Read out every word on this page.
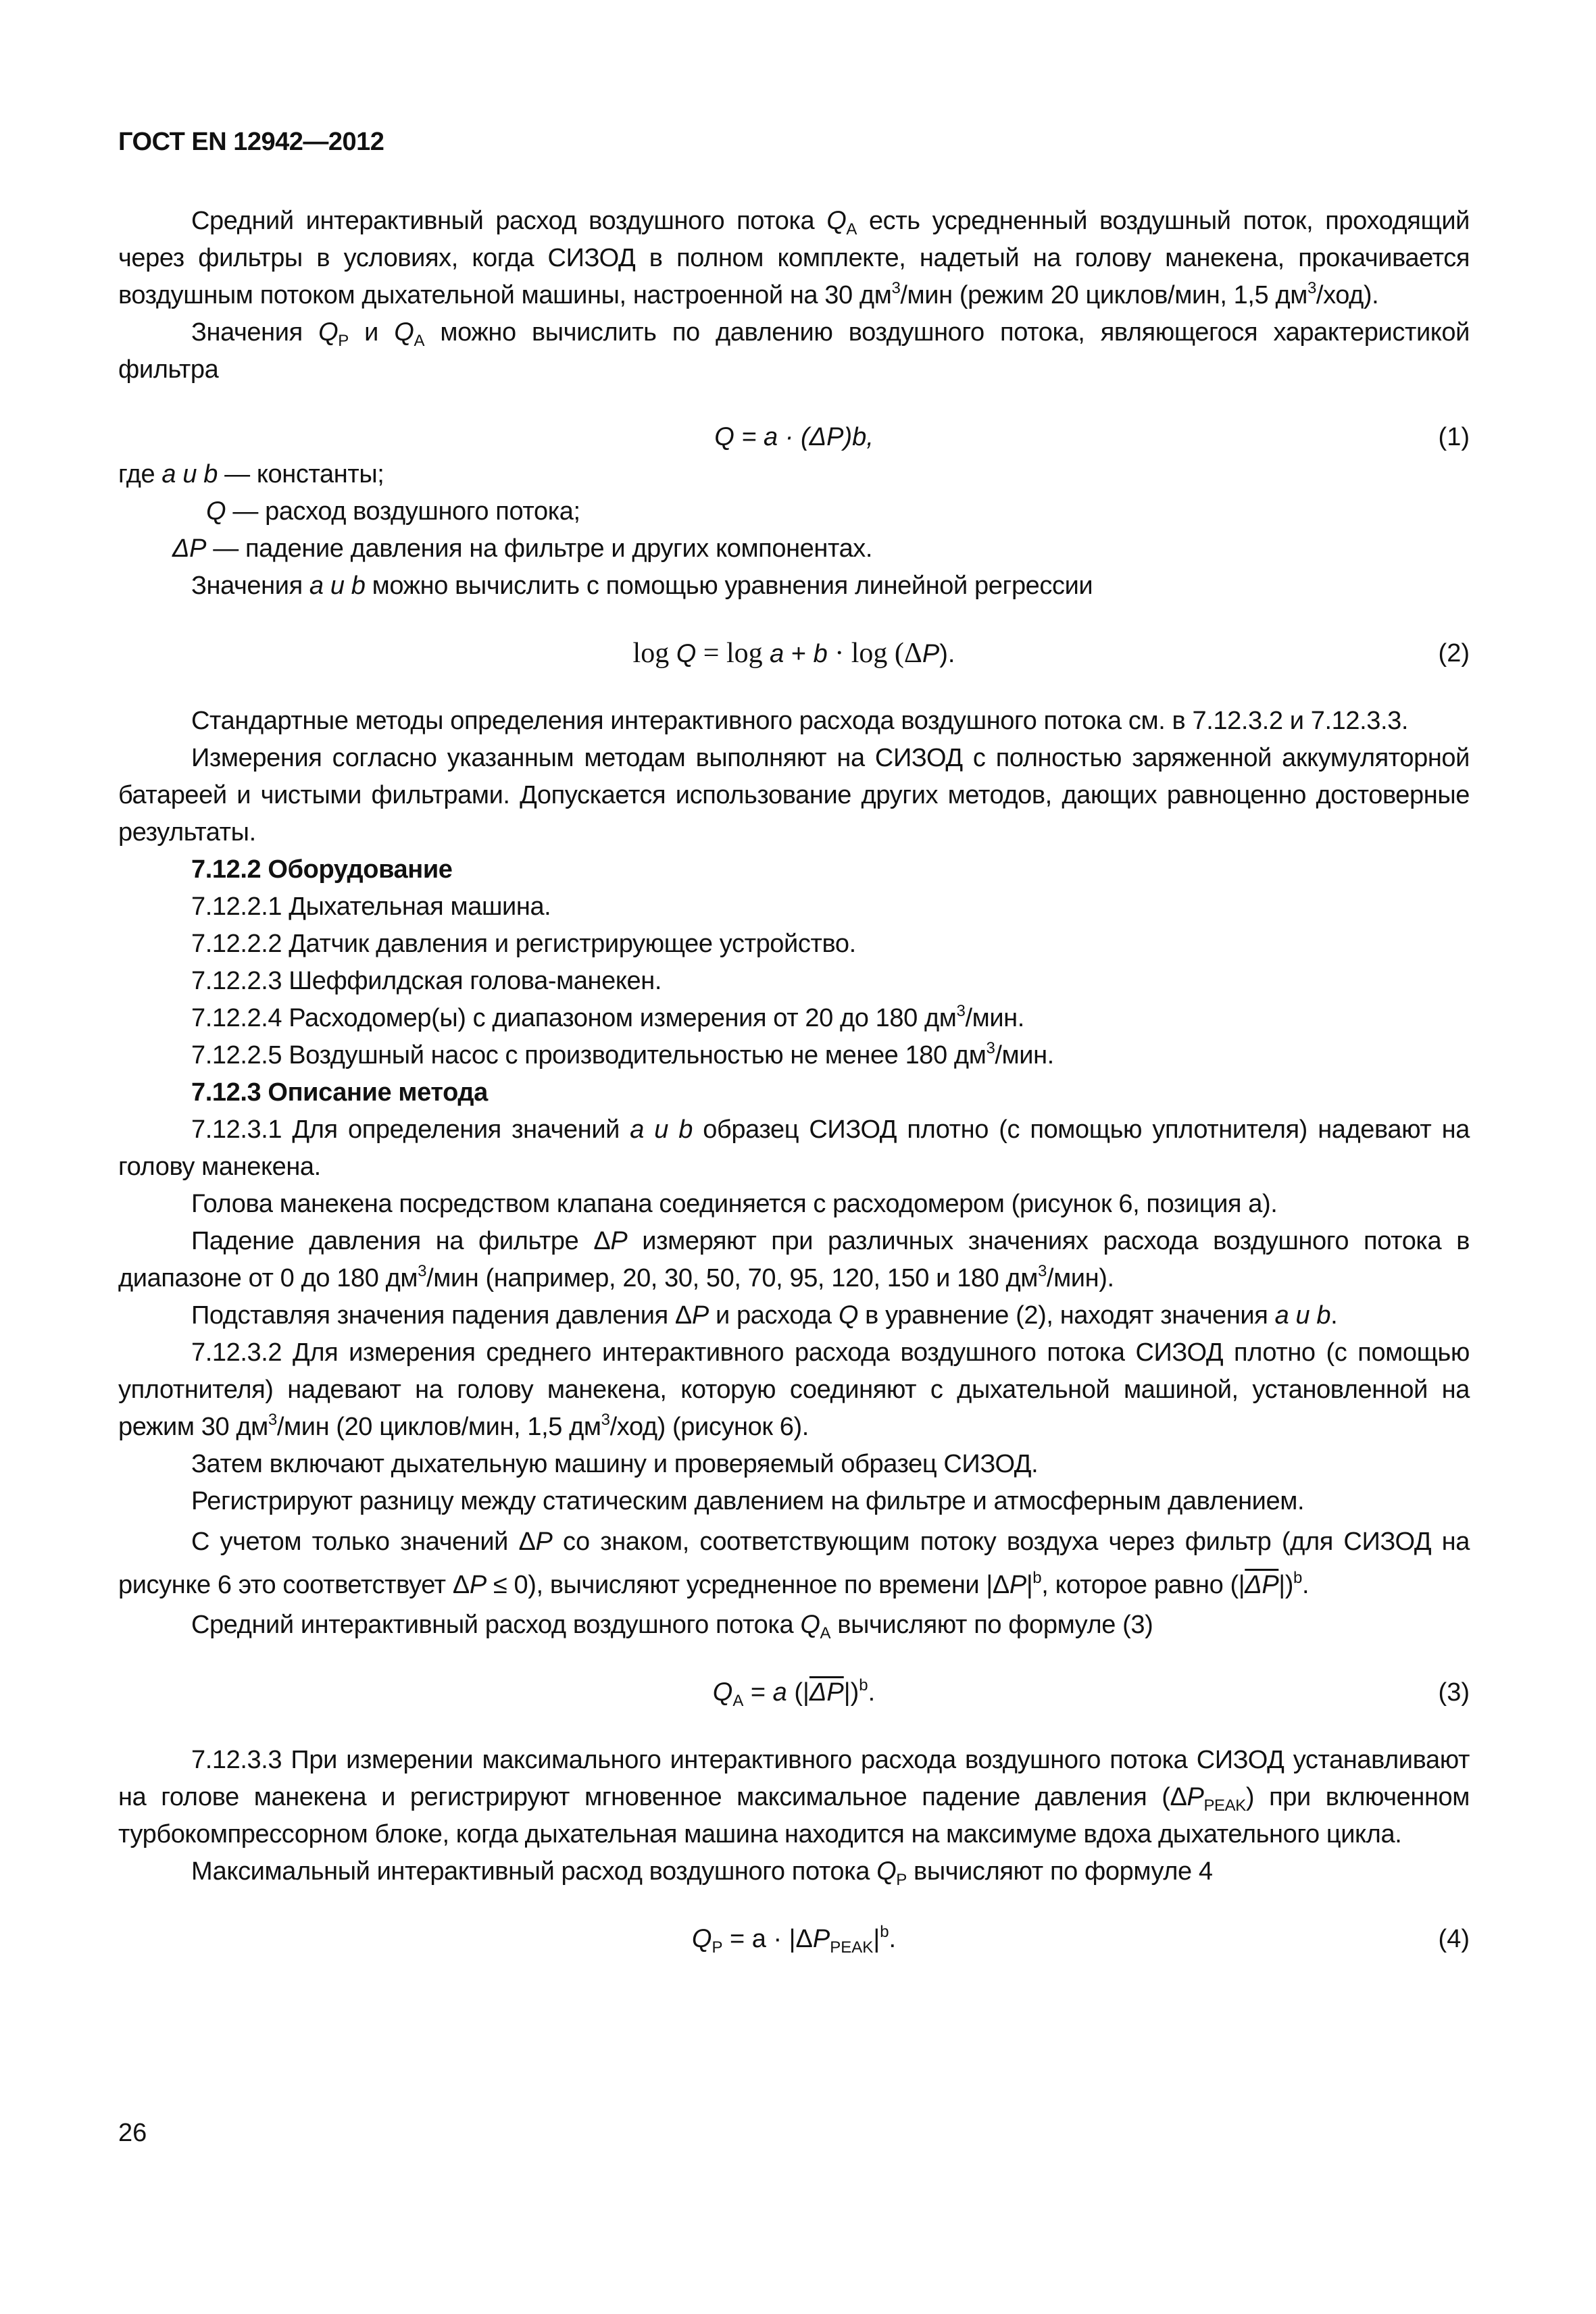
ГОСТ EN 12942—2012

Средний интерактивный расход воздушного потока $Q_A$ есть усредненный воздушный поток, проходящий через фильтры в условиях, когда СИЗОД в полном комплекте, надетый на голову манекена, прокачивается воздушным потоком дыхательной машины, настроенной на 30 $дм^3$/мин (режим 20 циклов/мин, 1,5 $дм^3/ход$).

Значения $Q_P$ и $Q_A$ можно вычислить по давлению воздушного потока, являющегося характеристикой фильтра

Q = a · (ΔP)b,	(1)

где a и b — константы;

Q — расход воздушного потока;

ΔP — падение давления на фильтре и других компонентах.

Значения a и b можно вычислить с помощью уравнения линейной регрессии

log Q = log a + b · log (ΔP).	(2)

Стандартные методы определения интерактивного расхода воздушного потока см. в 7.12.3.2 и 7.12.3.3.

Измерения согласно указанным методам выполняют на СИЗОД с полностью заряженной аккумуляторной батареей и чистыми фильтрами. Допускается использование других методов, дающих равноценно достоверные результаты.

7.12.2 Оборудование

7.12.2.1 Дыхательная машина.

7.12.2.2 Датчик давления и регистрирующее устройство.

7.12.2.3 Шеффилдская голова-манекен.

7.12.2.4 Расходомер(ы) с диапазоном измерения от 20 до 180 $дм^3$/мин.

7.12.2.5 Воздушный насос с производительностью не менее 180 $дм^3$/мин.

7.12.3 Описание метода

7.12.3.1 Для определения значений a и b образец СИЗОД плотно (с помощью уплотнителя) надевают на голову манекена.

Голова манекена посредством клапана соединяется с расходомером (рисунок 6, позиция а).

Падение давления на фильтре ΔP измеряют при различных значениях расхода воздушного потока в диапазоне от 0 до 180 $дм^3$/мин (например, 20, 30, 50, 70, 95, 120, 150 и 180 $дм^3/мин$).

Подставляя значения падения давления ΔP и расхода Q в уравнение (2), находят значения a и b.

7.12.3.2 Для измерения среднего интерактивного расхода воздушного потока СИЗОД плотно (с помощью уплотнителя) надевают на голову манекена, которую соединяют с дыхательной машиной, установленной на режим 30 $дм^3$/мин (20 циклов/мин, 1,5 $дм^3/ход$) (рисунок 6).

Затем включают дыхательную машину и проверяемый образец СИЗОД.

Регистрируют разницу между статическим давлением на фильтре и атмосферным давлением.

С учетом только значений ΔP со знаком, соответствующим потоку воздуха через фильтр (для СИЗОД на рисунке 6 это соответствует ΔP ≤ 0), вычисляют усредненное по времени $|\Delta P|^b$, которое равно $(|\overline{\Delta P}|)^b$.

Средний интерактивный расход воздушного потока $Q_A$ вычисляют по формуле (3)

$Q_A = a$ $(|\overline{\Delta P}|)^b$.	(3)

7.12.3.3 При измерении максимального интерактивного расхода воздушного потока СИЗОД устанавливают на голове манекена и регистрируют мгновенное максимальное падение давления $(\Delta P_{PEAK})$ при включенном турбокомпрессорном блоке, когда дыхательная машина находится на максимуме вдоха дыхательного цикла.

Максимальный интерактивный расход воздушного потока $Q_P$ вычисляют по формуле 4

$Q_P = a \cdot |\Delta P_{PEAK}|^b$.	(4)
26
